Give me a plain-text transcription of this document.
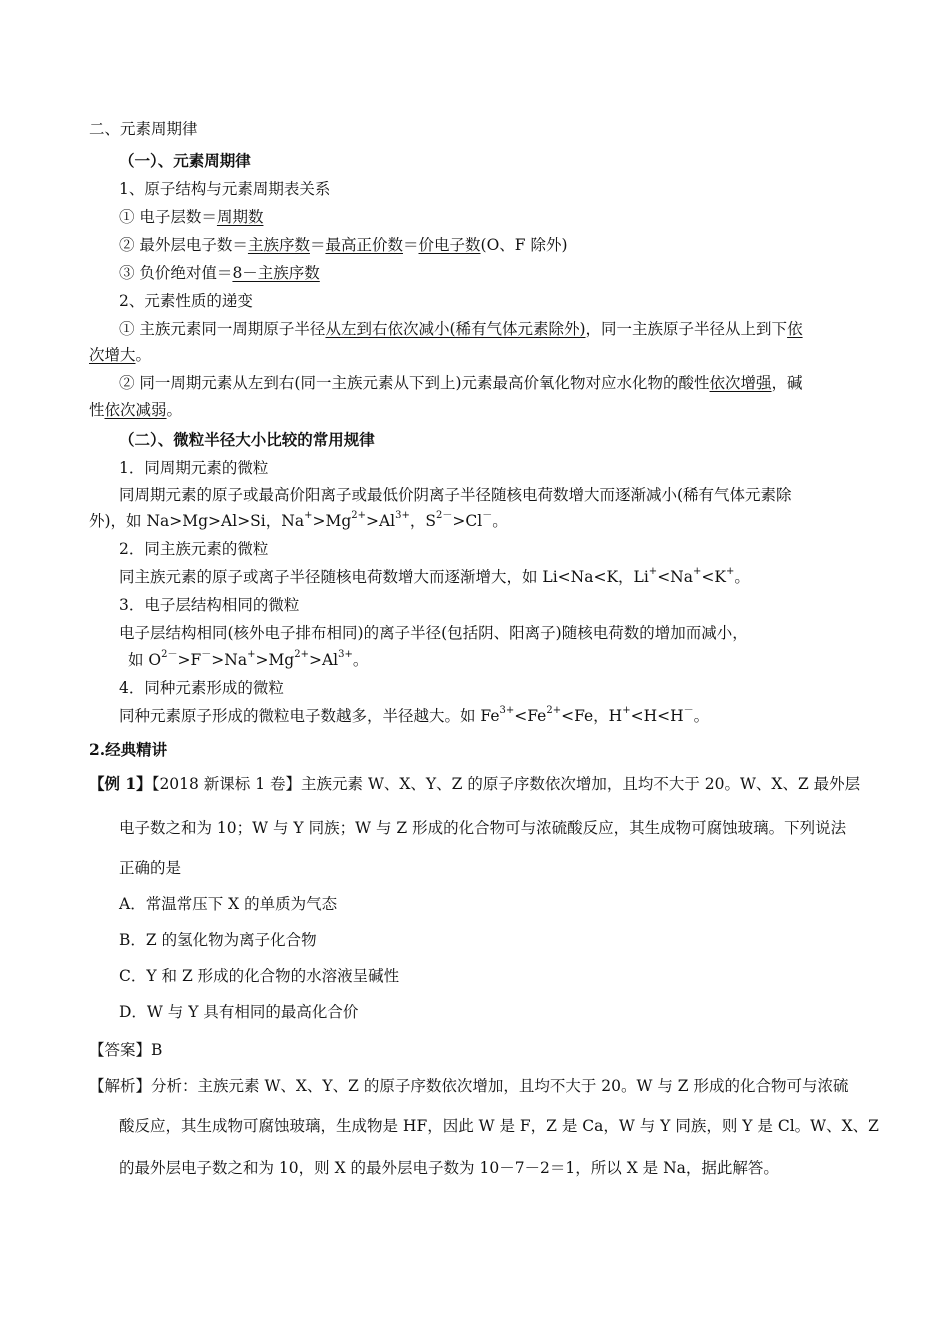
二、元素周期律
（一）、元素周期律
1、原子结构与元素周期表关系
① 电子层数＝周期数
② 最外层电子数＝主族序数＝最高正价数＝价电子数(O、F 除外)
③ 负价绝对值＝8－主族序数
2、元素性质的递变
① 主族元素同一周期原子半径从左到右依次减小(稀有气体元素除外)，同一主族原子半径从上到下依
次增大。
② 同一周期元素从左到右(同一主族元素从下到上)元素最高价氧化物对应水化物的酸性依次增强，碱
性依次减弱。
（二）、微粒半径大小比较的常用规律
1．同周期元素的微粒
同周期元素的原子或最高价阳离子或最低价阴离子半径随核电荷数增大而逐渐减小(稀有气体元素除
外)，如 Na>Mg>Al>Si，$Na^+>Mg^{2+}>Al^{3+}$，$S^{2-}>Cl^-$。
2．同主族元素的微粒
同主族元素的原子或离子半径随核电荷数增大而逐渐增大，如 Li<Na<K，Li+<Na+<K+。
3．电子层结构相同的微粒
电子层结构相同(核外电子排布相同)的离子半径(包括阴、阳离子)随核电荷数的增加而减小，
如 $O^{2-}>F^->Na^+>Mg^{2+}>Al^{3+}$。
4．同种元素形成的微粒
同种元素原子形成的微粒电子数越多，半径越大。如 $Fe^{3+}<Fe^{2+}<Fe$，H+<H<H－。
2.经典精讲
【例 1】【2018 新课标 1 卷】主族元素 W、X、Y、Z 的原子序数依次增加，且均不大于 20。W、X、Z 最外层
电子数之和为 10；W 与 Y 同族；W 与 Z 形成的化合物可与浓硫酸反应，其生成物可腐蚀玻璃。下列说法
正确的是
A．常温常压下 X 的单质为气态
B．Z 的氢化物为离子化合物
C．Y 和 Z 形成的化合物的水溶液呈碱性
D．W 与 Y 具有相同的最高化合价
【答案】B
【解析】分析：主族元素 W、X、Y、Z 的原子序数依次增加，且均不大于 20。W 与 Z 形成的化合物可与浓硫
酸反应，其生成物可腐蚀玻璃，生成物是 HF，因此 W 是 F，Z 是 Ca，W 与 Y 同族，则 Y 是 Cl。W、X、Z
的最外层电子数之和为 10，则 X 的最外层电子数为 10－7－2＝1，所以 X 是 Na，据此解答。
